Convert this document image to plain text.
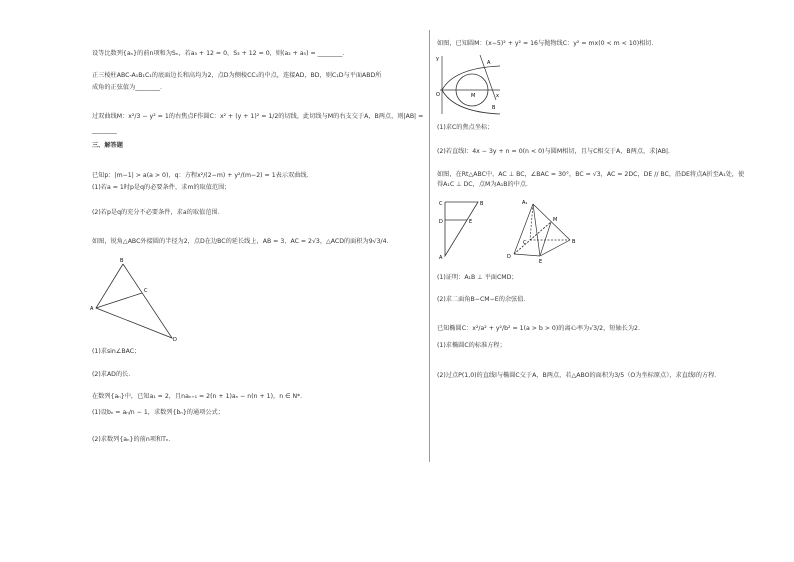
设等比数列{aₙ}的前n项和为Sₙ，若a₃ + 12 = 0，S₃ + 12 = 0，则(a₂ + a₅) = ________．
正三棱柱ABC-A₁B₁C₁的底面边长和高均为2，点D为侧棱CC₁的中点，连接AD，BD，则C₁D与平面ABD所
成角的正弦值为________．
过双曲线M：x²/3 − y² = 1的右焦点F作圆C：x² + (y + 1)² = 1/2的切线，此切线与M的右支交于A，B两点，则|AB| =
________
三、解答题
已知p：|m−1| > a(a > 0)，q：方程x²/(2−m) + y²/(m−2) = 1表示双曲线．
(1)若a = 1时p是q的必要条件，求m的取值范围；
(2)若p是q的充分不必要条件，求a的取值范围．
如图，锐角△ABC外接圆的半径为2，点D在边BC的延长线上，AB = 3，AC = 2√3，△ACD的面积为9√3/4．
B
C
A
D
(1)求sin∠BAC；
(2)求AD的长．
在数列{aₙ}中，已知a₁ = 2，且naₙ₊₁ = 2(n + 1)aₙ − n(n + 1)，n ∈ N*．
(1)设bₙ = aₙ/n − 1，求数列{bₙ}的通项公式；
(2)求数列{aₙ}的前n项和Tₙ．
如图，已知圆M：(x−5)² + y² = 16与抛物线C：y² = mx(0 < m < 10)相切．
y
O	x
M
A
B
(1)求C的焦点坐标；
(2)若直线l：4x − 3y + n = 0(n < 0)与圆M相切，且与C相交于A，B两点，求|AB|．
如图，在Rt△ABC中，AC ⊥ BC，∠BAC = 30°，BC = √3，AC = 2DC，DE // BC，沿DE将点A折至A₁处，使
得A₁C ⊥ DC，点M为A₁B的中点．
C	B
D	E
A
A₁
M
B
C
D
E
(1)证明：A₁B ⊥ 平面CMD；
(2)求二面角B−CM−E的余弦值．
已知椭圆C：x²/a² + y²/b² = 1(a > b > 0)的离心率为√3/2，短轴长为2．
(1)求椭圆C的标准方程；
(2)过点P(1,0)的直线l与椭圆C交于A，B两点，若△ABO的面积为3/5（O为坐标原点），求直线l的方程．
